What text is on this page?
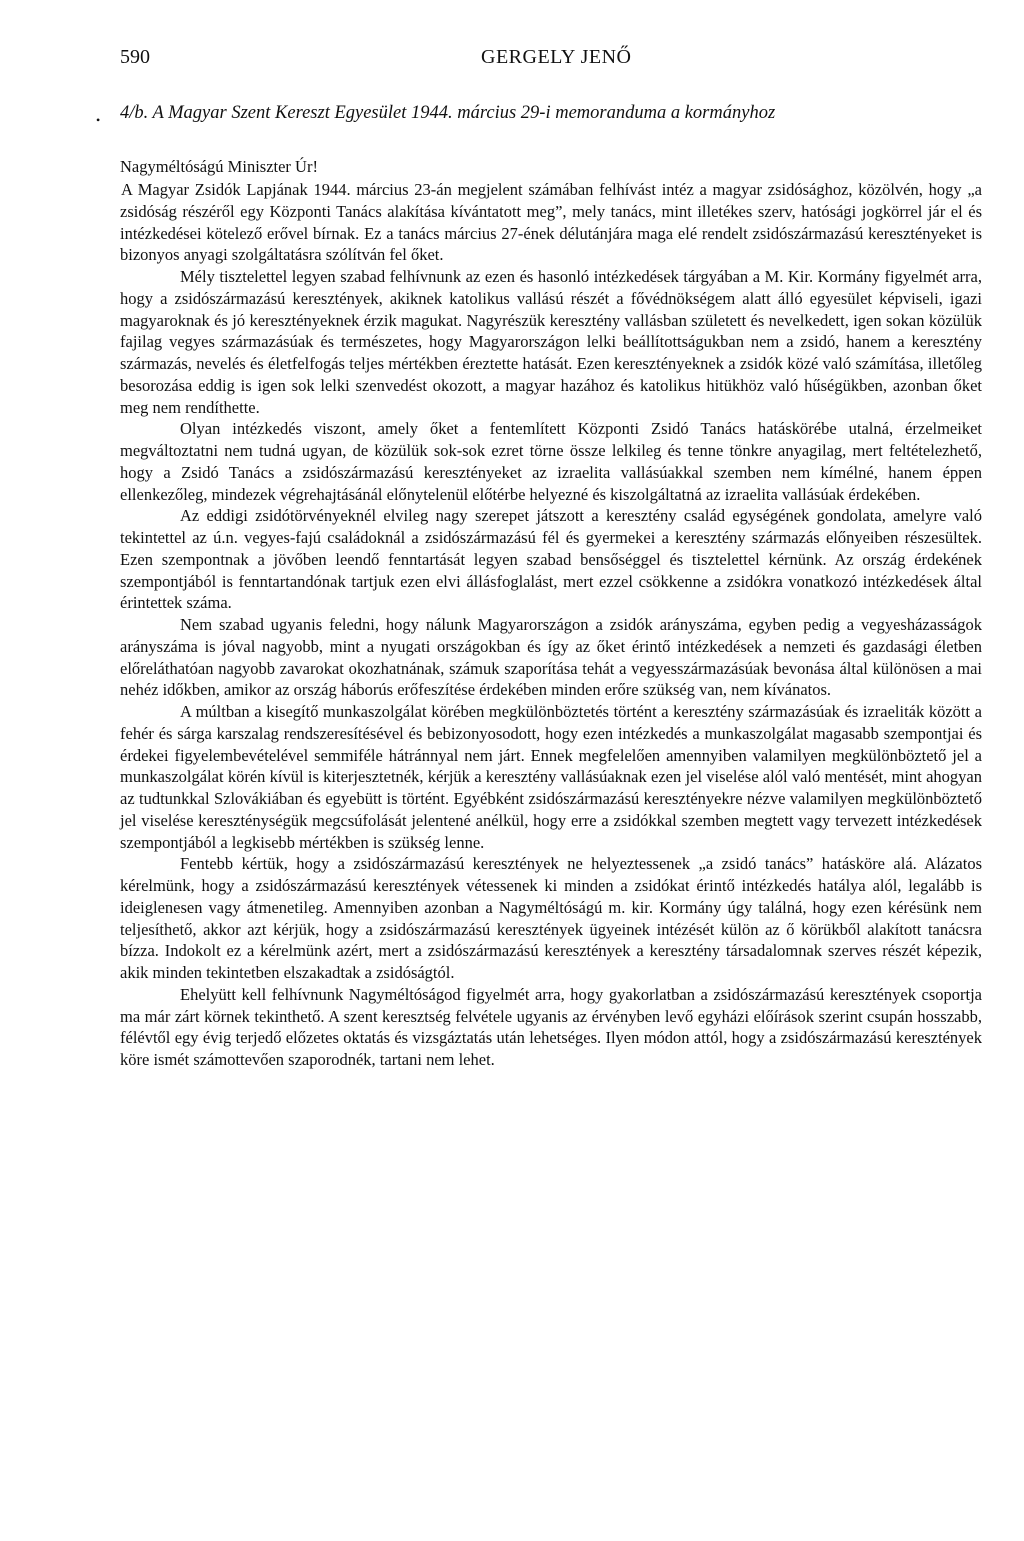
590	GERGELY JENŐ
• 4/b. A Magyar Szent Kereszt Egyesület 1944. március 29-i memoranduma a kormányhoz
Nagyméltóságú Miniszter Úr!

A Magyar Zsidók Lapjának 1944. március 23-án megjelent számában felhívást intéz a magyar zsidósághoz, közölvén, hogy „a zsidóság részéről egy Központi Tanács alakítása kívántatott meg”, mely tanács, mint illetékes szerv, hatósági jogkörrel jár el és intézkedései kötelező erővel bírnak. Ez a tanács március 27-ének délutánjára maga elé rendelt zsidószármazású keresztényeket is bizonyos anyagi szolgáltatásra szólítván fel őket.

Mély tisztelettel legyen szabad felhívnunk az ezen és hasonló intézkedések tárgyában a M. Kir. Kormány figyelmét arra, hogy a zsidószármazású keresztények, akiknek katolikus vallású részét a fővédnökségem alatt álló egyesület képviseli, igazi magyaroknak és jó keresztényeknek érzik magukat. Nagyrészük keresztény vallásban született és nevelkedett, igen sokan közülük fajilag vegyes származásúak és természetes, hogy Magyarországon lelki beállítottságukban nem a zsidó, hanem a keresztény származás, nevelés és életfelfogás teljes mértékben éreztette hatását. Ezen keresztényeknek a zsidók közé való számítása, illetőleg besorozása eddig is igen sok lelki szenvedést okozott, a magyar hazához és katolikus hitükhöz való hűségükben, azonban őket meg nem rendíthette.

Olyan intézkedés viszont, amely őket a fentemlített Központi Zsidó Tanács hatáskörébe utalná, érzelmeiket megváltoztatni nem tudná ugyan, de közülük sok-sok ezret törne össze lelkileg és tenne tönkre anyagilag, mert feltételezhető, hogy a Zsidó Tanács a zsidószármazású keresztényeket az izraelita vallásúakkal szemben nem kímélné, hanem éppen ellenkezőleg, mindezek végrehajtásánál előnytelenül előtérbe helyezné és kiszolgáltatná az izraelita vallásúak érdekében.

Az eddigi zsidótörvényeknél elvileg nagy szerepet játszott a keresztény család egységének gondolata, amelyre való tekintettel az ú.n. vegyes-fajú családoknál a zsidószármazású fél és gyermekei a keresztény származás előnyeiben részesültek. Ezen szempontnak a jövőben leendő fenntartását legyen szabad bensőséggel és tisztelettel kérnünk. Az ország érdekének szempontjából is fenntartandónak tartjuk ezen elvi állásfoglalást, mert ezzel csökkenne a zsidókra vonatkozó intézkedések által érintettek száma.

Nem szabad ugyanis feledni, hogy nálunk Magyarországon a zsidók arányszáma, egyben pedig a vegyesházasságok arányszáma is jóval nagyobb, mint a nyugati országokban és így az őket érintő intézkedések a nemzeti és gazdasági életben előreláthatóan nagyobb zavarokat okozhatnának, számuk szaporítása tehát a vegyesszármazásúak bevonása által különösen a mai nehéz időkben, amikor az ország háborús erőfeszítése érdekében minden erőre szükség van, nem kívánatos.

A múltban a kisegítő munkaszolgálat körében megkülönböztetés történt a keresztény származásúak és izraeliták között a fehér és sárga karszalag rendszeresítésével és bebizonyosodott, hogy ezen intézkedés a munkaszolgálat magasabb szempontjai és érdekei figyelembevételével semmiféle hátránnyal nem járt. Ennek megfelelően amennyiben valamilyen megkülönböztető jel a munkaszolgálat körén kívül is kiterjesztetnék, kérjük a keresztény vallásúaknak ezen jel viselése alól való mentését, mint ahogyan az tudtunkkal Szlovákiában és egyebütt is történt. Egyébként zsidószármazású keresztényekre nézve valamilyen megkülönböztető jel viselése kereszténységük megcsúfolását jelentené anélkül, hogy erre a zsidókkal szemben megtett vagy tervezett intézkedések szempontjából a legkisebb mértékben is szükség lenne.

Fentebb kértük, hogy a zsidószármazású keresztények ne helyeztessenek „a zsidó tanács” hatásköre alá. Alázatos kérelmünk, hogy a zsidószármazású keresztények vétessenek ki minden a zsidókat érintő intézkedés hatálya alól, legalább is ideiglenesen vagy átmenetileg. Amennyiben azonban a Nagyméltóságú m. kir. Kormány úgy találná, hogy ezen kérésünk nem teljesíthető, akkor azt kérjük, hogy a zsidószármazású keresztények ügyeinek intézését külön az ő körükből alakított tanácsra bízza. Indokolt ez a kérelmünk azért, mert a zsidószármazású keresztények a keresztény társadalomnak szerves részét képezik, akik minden tekintetben elszakadtak a zsidóságtól.

Ehelyütt kell felhívnunk Nagyméltóságod figyelmét arra, hogy gyakorlatban a zsidószármazású keresztények csoportja ma már zárt körnek tekinthető. A szent keresztség felvétele ugyanis az érvényben levő egyházi előírások szerint csupán hosszabb, félévtől egy évig terjedő előzetes oktatás és vizsgáztatás után lehetséges. Ilyen módon attól, hogy a zsidószármazású keresztények köre ismét számottevően szaporodnék, tartani nem lehet.
